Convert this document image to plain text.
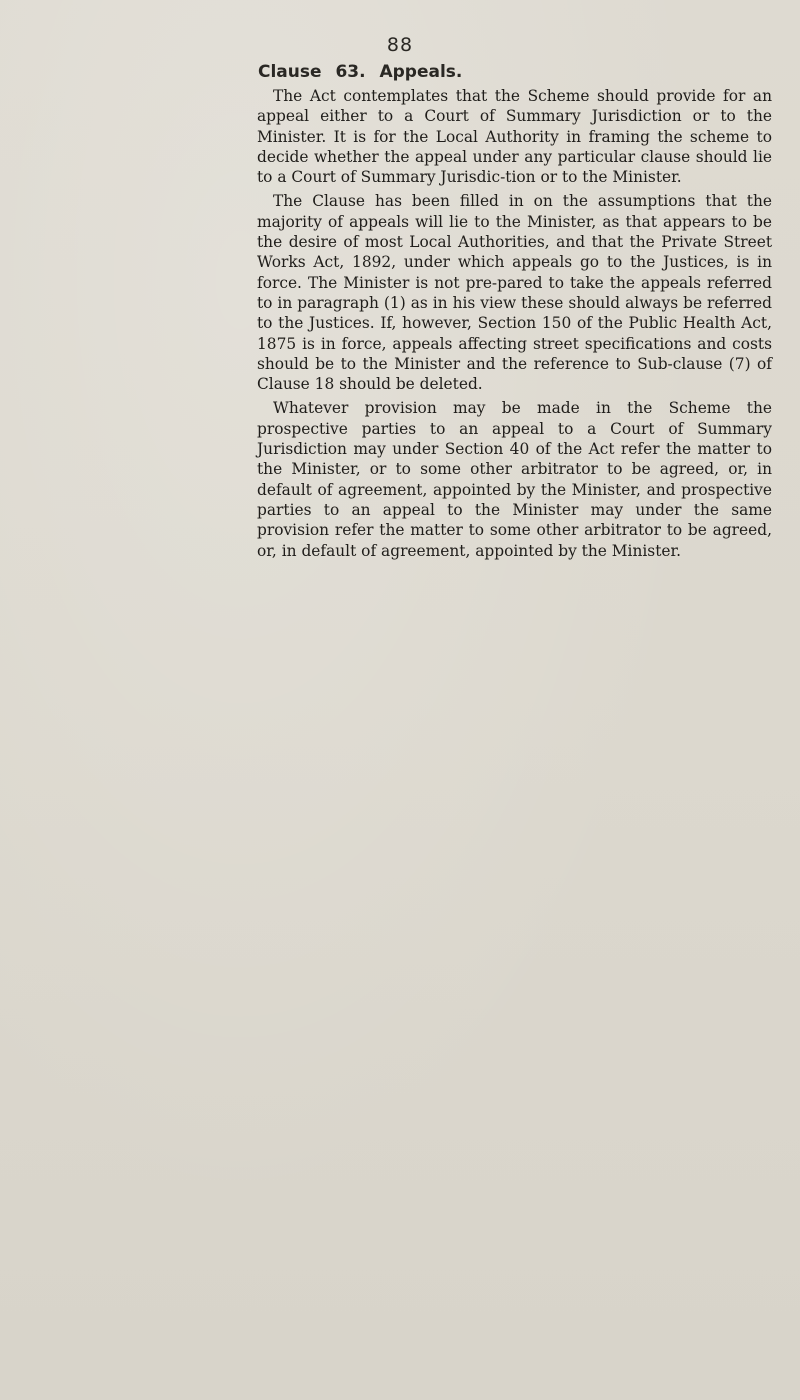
88
Clause 63. Appeals.

The Act contemplates that the Scheme should provide for an appeal either to a Court of Summary Jurisdiction or to the Minister. It is for the Local Authority in framing the scheme to decide whether the appeal under any particular clause should lie to a Court of Summary Jurisdic-tion or to the Minister.

The Clause has been filled in on the assumptions that the majority of appeals will lie to the Minister, as that appears to be the desire of most Local Authorities, and that the Private Street Works Act, 1892, under which appeals go to the Justices, is in force. The Minister is not pre-pared to take the appeals referred to in paragraph (1) as in his view these should always be referred to the Justices. If, however, Section 150 of the Public Health Act, 1875 is in force, appeals affecting street specifications and costs should be to the Minister and the reference to Sub-clause (7) of Clause 18 should be deleted.

Whatever provision may be made in the Scheme the prospective parties to an appeal to a Court of Summary Jurisdiction may under Section 40 of the Act refer the matter to the Minister, or to some other arbitrator to be agreed, or, in default of agreement, appointed by the Minister, and prospective parties to an appeal to the Minister may under the same provision refer the matter to some other arbitrator to be agreed, or, in default of agreement, appointed by the Minister.
